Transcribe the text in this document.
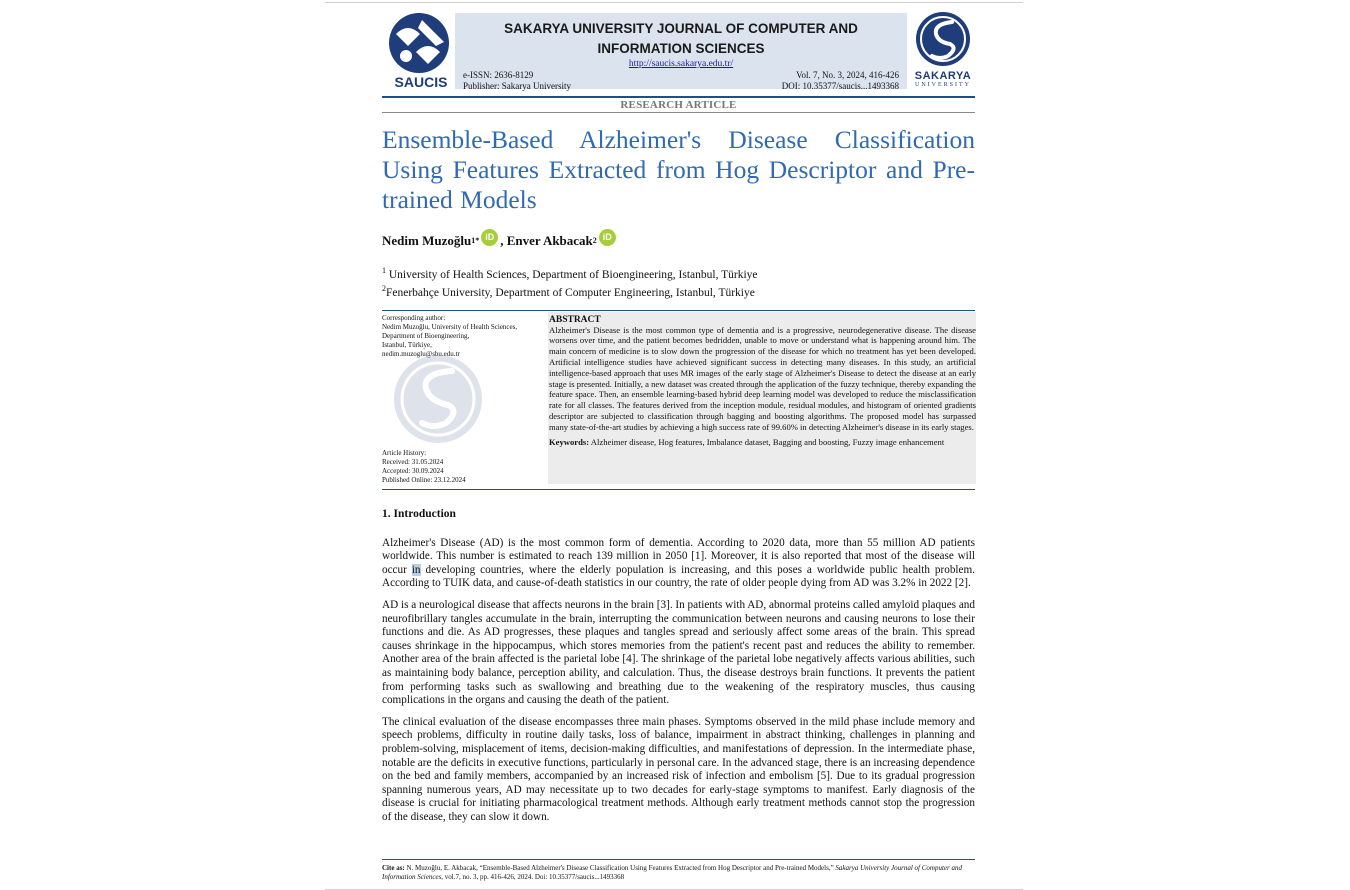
SAUCIS
SAKARYA UNIVERSITY JOURNAL OF COMPUTER AND
INFORMATION SCIENCES
http://saucis.sakarya.edu.tr/
e-ISSN: 2636-8129
Publisher: Sakarya University
Vol. 7, No. 3, 2024, 416-426
DOI: 10.35377/saucis...1493368
SAKARYA
UNIVERSITY
RESEARCH ARTICLE
Ensemble-Based Alzheimer's Disease Classification Using Features Extracted from Hog Descriptor and Pre-trained Models
Nedim Muzoğlu 1* iD , Enver Akbacak 2 iD
$^1$ University of Health Sciences, Department of Bioengineering, Istanbul, Türkiye
$^2$Fenerbahçe University, Department of Computer Engineering, Istanbul, Türkiye
Corresponding author:
Nedim Muzoğlu, University of Health Sciences,
Department of Bioengineering,
Istanbul, Türkiye,
nedim.muzoglu@sbu.edu.tr
Article History:
Received: 31.05.2024
Accepted: 30.09.2024
Published Online: 23.12.2024
ABSTRACT
Alzheimer's Disease is the most common type of dementia and is a progressive, neurodegenerative disease. The disease worsens over time, and the patient becomes bedridden, unable to move or understand what is happening around him. The main concern of medicine is to slow down the progression of the disease for which no treatment has yet been developed. Artificial intelligence studies have achieved significant success in detecting many diseases. In this study, an artificial intelligence-based approach that uses MR images of the early stage of Alzheimer's Disease to detect the disease at an early stage is presented. Initially, a new dataset was created through the application of the fuzzy technique, thereby expanding the feature space. Then, an ensemble learning-based hybrid deep learning model was developed to reduce the misclassification rate for all classes. The features derived from the inception module, residual modules, and histogram of oriented gradients descriptor are subjected to classification through bagging and boosting algorithms. The proposed model has surpassed many state-of-the-art studies by achieving a high success rate of 99.60% in detecting Alzheimer's disease in its early stages.
Keywords: Alzheimer disease, Hog features, Imbalance dataset, Bagging and boosting, Fuzzy image enhancement
1. Introduction

Alzheimer's Disease (AD) is the most common form of dementia. According to 2020 data, more than 55 million AD patients worldwide. This number is estimated to reach 139 million in 2050 [1]. Moreover, it is also reported that most of the disease will occur in developing countries, where the elderly population is increasing, and this poses a worldwide public health problem. According to TUIK data, and cause-of-death statistics in our country, the rate of older people dying from AD was 3.2% in 2022 [2].

AD is a neurological disease that affects neurons in the brain [3]. In patients with AD, abnormal proteins called amyloid plaques and neurofibrillary tangles accumulate in the brain, interrupting the communication between neurons and causing neurons to lose their functions and die. As AD progresses, these plaques and tangles spread and seriously affect some areas of the brain. This spread causes shrinkage in the hippocampus, which stores memories from the patient's recent past and reduces the ability to remember. Another area of the brain affected is the parietal lobe [4]. The shrinkage of the parietal lobe negatively affects various abilities, such as maintaining body balance, perception ability, and calculation. Thus, the disease destroys brain functions. It prevents the patient from performing tasks such as swallowing and breathing due to the weakening of the respiratory muscles, thus causing complications in the organs and causing the death of the patient.

The clinical evaluation of the disease encompasses three main phases. Symptoms observed in the mild phase include memory and speech problems, difficulty in routine daily tasks, loss of balance, impairment in abstract thinking, challenges in planning and problem-solving, misplacement of items, decision-making difficulties, and manifestations of depression. In the intermediate phase, notable are the deficits in executive functions, particularly in personal care. In the advanced stage, there is an increasing dependence on the bed and family members, accompanied by an increased risk of infection and embolism [5]. Due to its gradual progression spanning numerous years, AD may necessitate up to two decades for early-stage symptoms to manifest. Early diagnosis of the disease is crucial for initiating pharmacological treatment methods. Although early treatment methods cannot stop the progression of the disease, they can slow it down.

Cite as: N. Muzoğlu, E. Akbacak, “Ensemble-Based Alzheimer's Disease Classification Using Features Extracted from Hog Descriptor and Pre-trained Models,” Sakarya University Journal of Computer and Information Sciences, vol.7, no. 3, pp. 416-426, 2024. Doi: 10.35377/saucis...1493368
